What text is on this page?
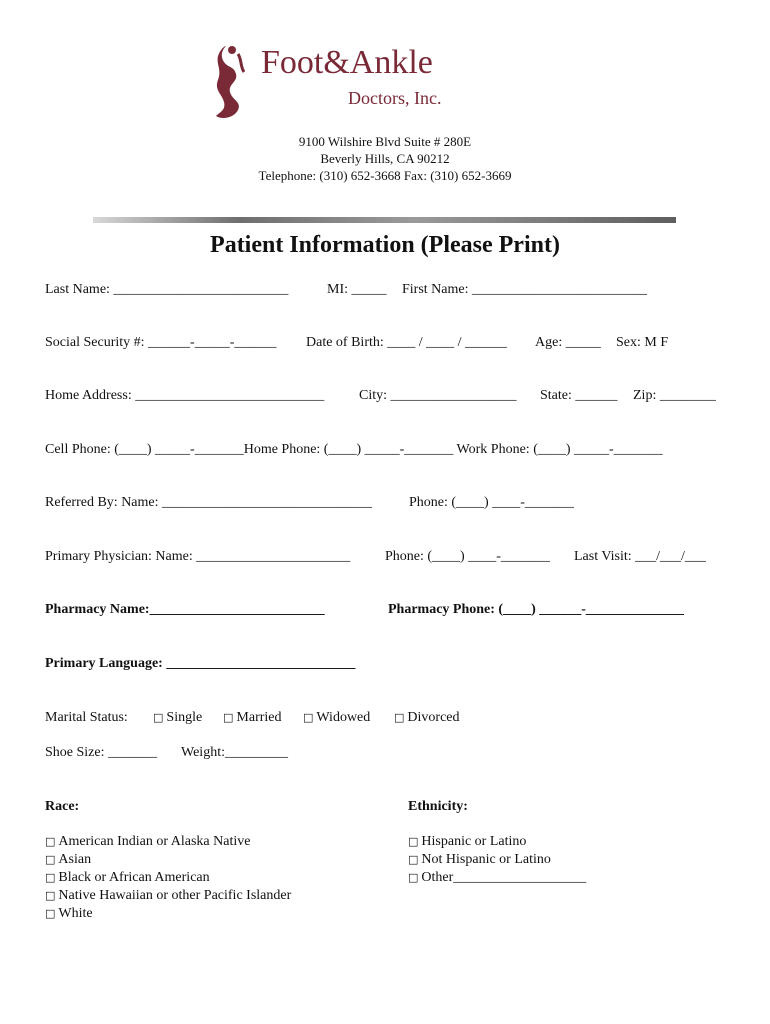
Foot&Ankle
Doctors, Inc.
9100 Wilshire Blvd Suite # 280E
Beverly Hills, CA 90212
Telephone: (310) 652-3668 Fax: (310) 652-3669
Patient Information (Please Print)
Last Name: _________________________	MI: _____ First Name: _________________________
Social Security #: ______-_____-______ Date of Birth: ____ / ____ / ______ Age: _____ Sex: M F
Home Address: ___________________________ City: __________________ State: ______ Zip: ________
Cell Phone: (____) _____-_______Home Phone: (____) _____-_______ Work Phone: (____) _____-_______
Referred By: Name: ______________________________	Phone: (____) ____-_______
Primary Physician: Name: ______________________ Phone: (____) ____-_______ Last Visit: ___/___/___
Pharmacy Name:_________________________	Pharmacy Phone: (____) ______-______________
Primary Language: ___________________________
Marital Status: □ Single □ Married □ Widowed □ Divorced
Shoe Size: _______ Weight:_________
Race:	Ethnicity:
□ American Indian or Alaska Native
□ Asian
□ Black or African American
□ Native Hawaiian or other Pacific Islander
□ White
□ Hispanic or Latino
□ Not Hispanic or Latino
□ Other___________________
